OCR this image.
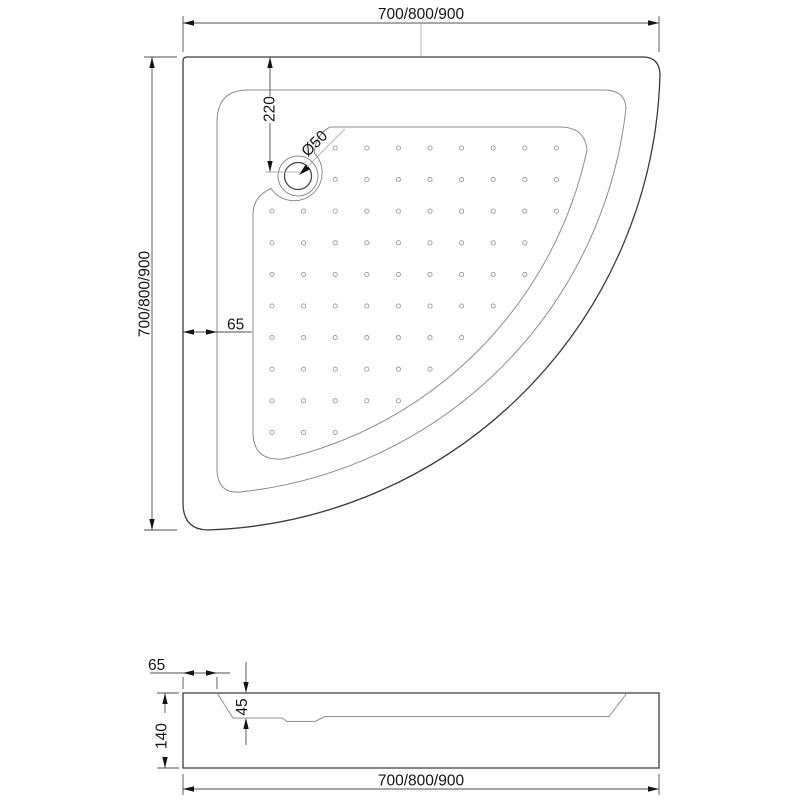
700/800/900
700/800/900
220
Ø50
65
65
45
140
700/800/900
